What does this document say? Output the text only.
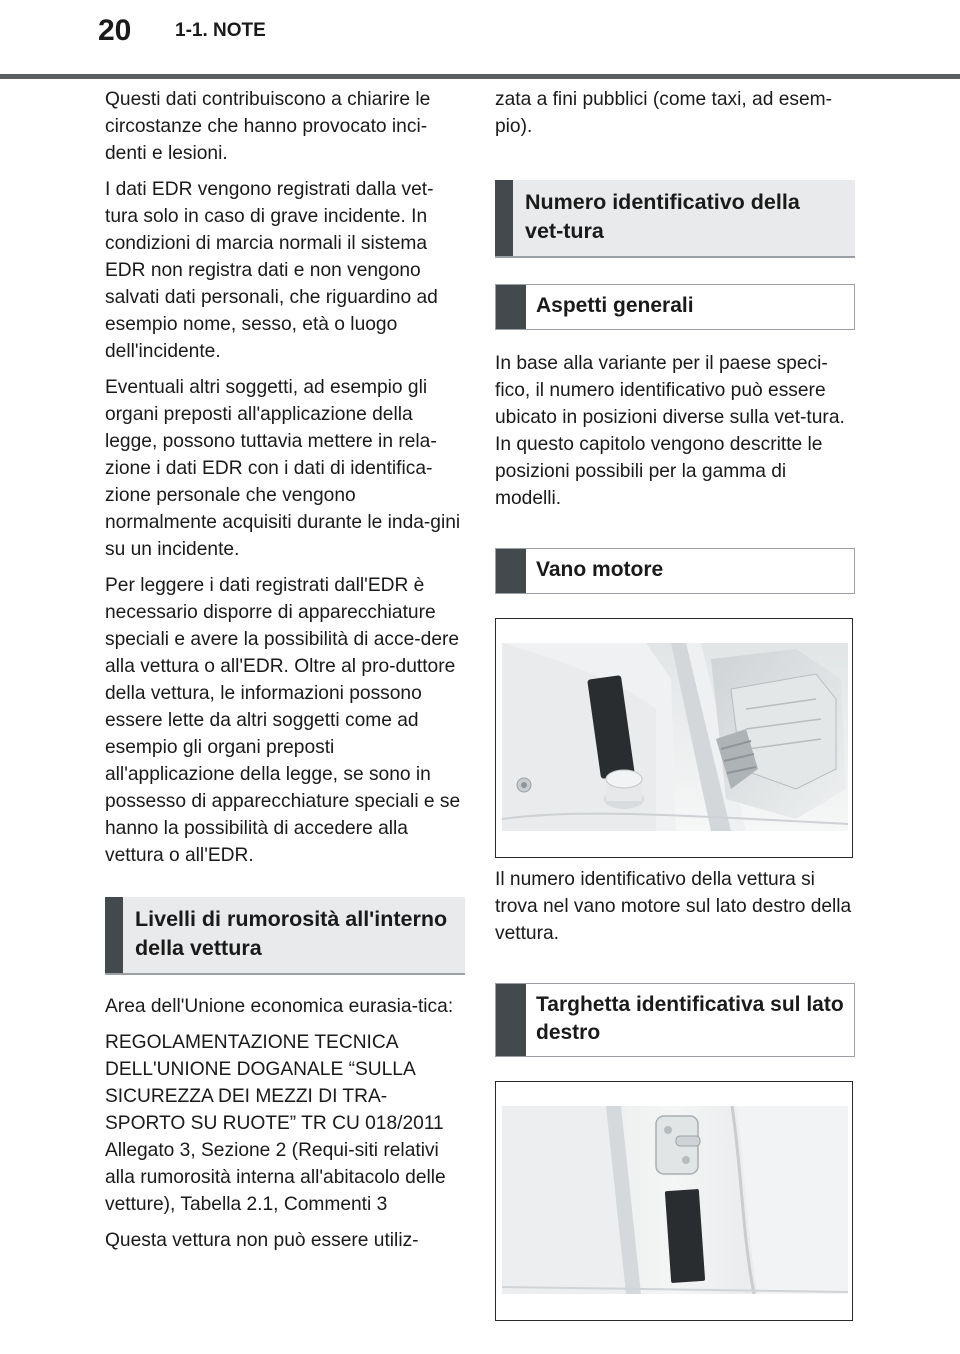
20 1-1. NOTE

Questi dati contribuiscono a chiarire le circostanze che hanno provocato inci-denti e lesioni.

I dati EDR vengono registrati dalla vet-tura solo in caso di grave incidente. In condizioni di marcia normali il sistema EDR non registra dati e non vengono salvati dati personali, che riguardino ad esempio nome, sesso, età o luogo dell'incidente.

Eventuali altri soggetti, ad esempio gli organi preposti all'applicazione della legge, possono tuttavia mettere in rela-zione i dati EDR con i dati di identifica-zione personale che vengono normalmente acquisiti durante le inda-gini su un incidente.

Per leggere i dati registrati dall'EDR è necessario disporre di apparecchiature speciali e avere la possibilità di acce-dere alla vettura o all'EDR. Oltre al pro-duttore della vettura, le informazioni possono essere lette da altri soggetti come ad esempio gli organi preposti all'applicazione della legge, se sono in possesso di apparecchiature speciali e se hanno la possibilità di accedere alla vettura o all'EDR.

Livelli di rumorosità all'interno della vettura

Area dell'Unione economica eurasia-tica:

REGOLAMENTAZIONE TECNICA DELL'UNIONE DOGANALE “SULLA SICUREZZA DEI MEZZI DI TRA-SPORTO SU RUOTE” TR CU 018/2011 Allegato 3, Sezione 2 (Requi-siti relativi alla rumorosità interna all'abitacolo delle vetture), Tabella 2.1, Commenti 3

Questa vettura non può essere utiliz-

zata a fini pubblici (come taxi, ad esem-pio).

Numero identificativo della vet-tura
Aspetti generali

In base alla variante per il paese speci-fico, il numero identificativo può essere ubicato in posizioni diverse sulla vet-tura. In questo capitolo vengono descritte le posizioni possibili per la gamma di modelli.

Vano motore

Il numero identificativo della vettura si trova nel vano motore sul lato destro della vettura.

Targhetta identificativa sul lato destro
